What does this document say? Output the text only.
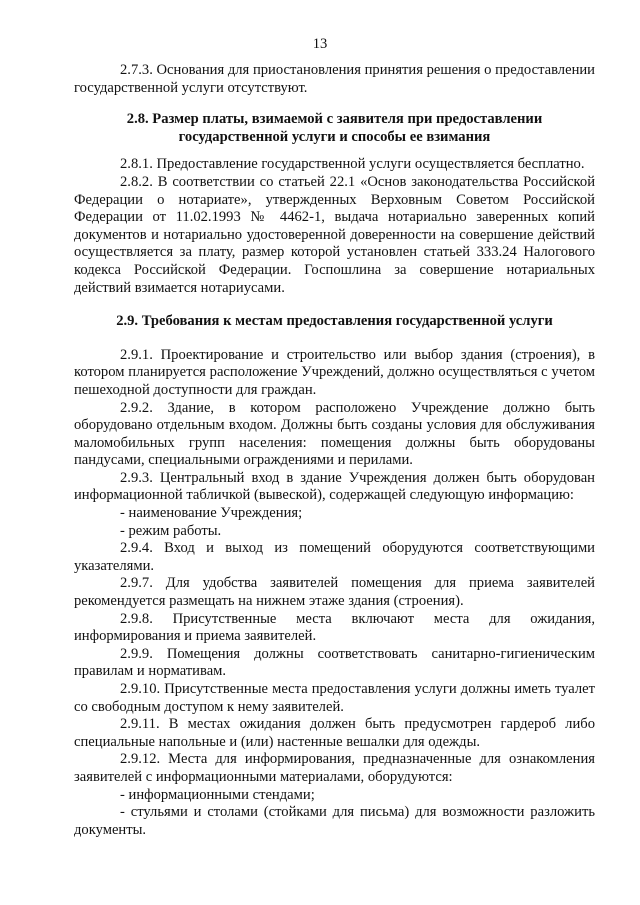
13

2.7.3. Основания для приостановления принятия решения о предоставлении государственной услуги отсутствуют.

2.8. Размер платы, взимаемой с заявителя при предоставлении государственной услуги и способы ее взимания

2.8.1. Предоставление государственной услуги осуществляется бесплатно.

2.8.2. В соответствии со статьей 22.1 «Основ законодательства Российской Федерации о нотариате», утвержденных Верховным Советом Российской Федерации от 11.02.1993 № 4462-1, выдача нотариально заверенных копий документов и нотариально удостоверенной доверенности на совершение действий осуществляется за плату, размер которой установлен статьей 333.24 Налогового кодекса Российской Федерации. Госпошлина за совершение нотариальных действий взимается нотариусами.

2.9. Требования к местам предоставления государственной услуги

2.9.1. Проектирование и строительство или выбор здания (строения), в котором планируется расположение Учреждений, должно осуществляться с учетом пешеходной доступности для граждан.

2.9.2. Здание, в котором расположено Учреждение должно быть оборудовано отдельным входом. Должны быть созданы условия для обслуживания маломобильных групп населения: помещения должны быть оборудованы пандусами, специальными ограждениями и перилами.

2.9.3. Центральный вход в здание Учреждения должен быть оборудован информационной табличкой (вывеской), содержащей следующую информацию:

- наименование Учреждения;

- режим работы.

2.9.4. Вход и выход из помещений оборудуются соответствующими указателями.

2.9.7. Для удобства заявителей помещения для приема заявителей рекомендуется размещать на нижнем этаже здания (строения).

2.9.8. Присутственные места включают места для ожидания, информирования и приема заявителей.

2.9.9. Помещения должны соответствовать санитарно-гигиеническим правилам и нормативам.

2.9.10. Присутственные места предоставления услуги должны иметь туалет со свободным доступом к нему заявителей.

2.9.11. В местах ожидания должен быть предусмотрен гардероб либо специальные напольные и (или) настенные вешалки для одежды.

2.9.12. Места для информирования, предназначенные для ознакомления заявителей с информационными материалами, оборудуются:

- информационными стендами;

- стульями и столами (стойками для письма) для возможности разложить документы.
